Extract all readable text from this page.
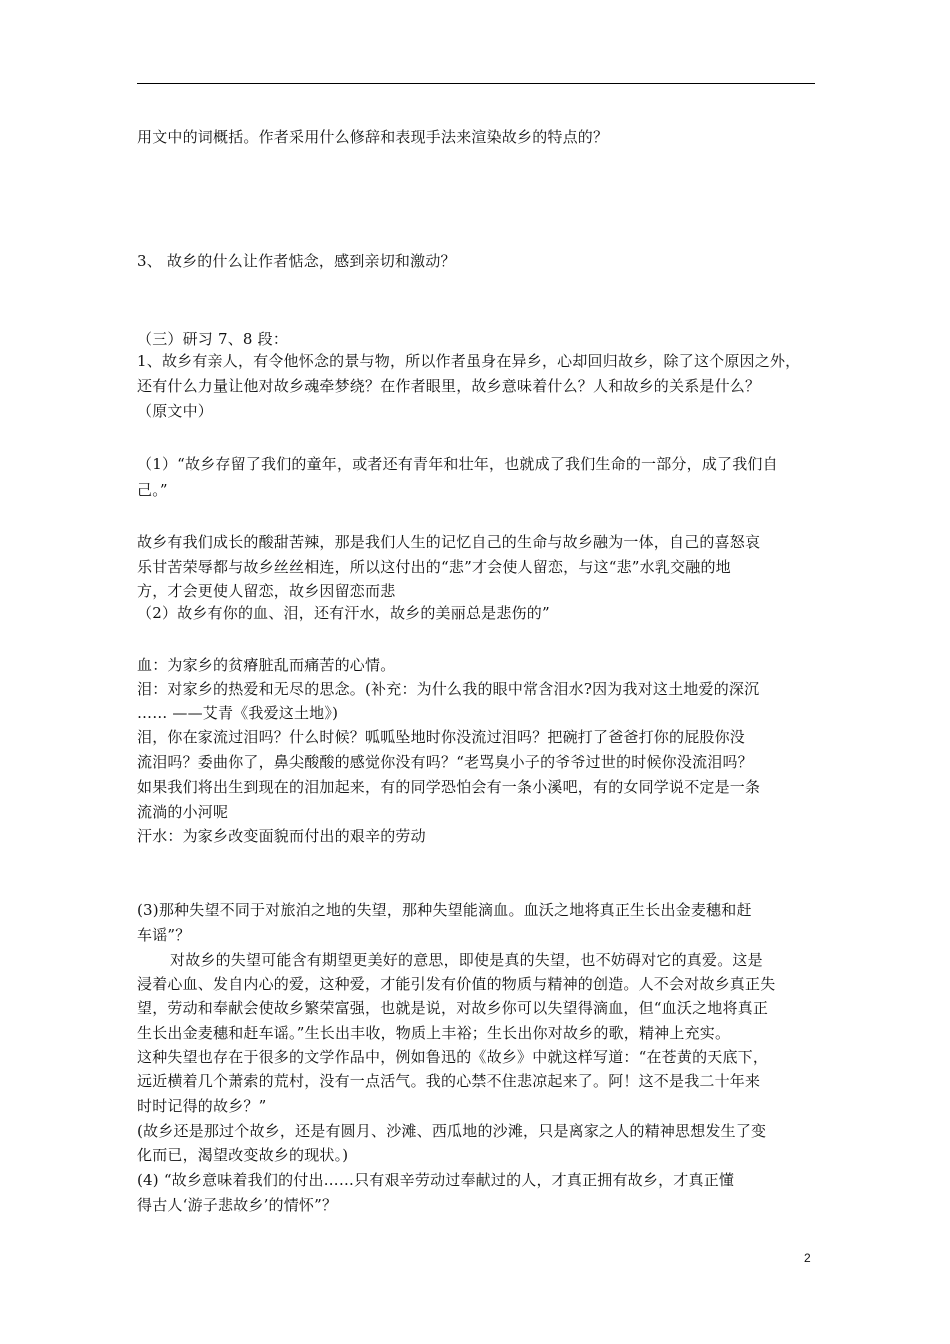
用文中的词概括。作者采用什么修辞和表现手法来渲染故乡的特点的？
3、 故乡的什么让作者惦念，感到亲切和激动？
（三）研习 7、8 段：
1、故乡有亲人，有令他怀念的景与物，所以作者虽身在异乡，心却回归故乡，除了这个原因之外，
还有什么力量让他对故乡魂牵梦绕？在作者眼里，故乡意味着什么？人和故乡的关系是什么？
（原文中）
（1）“故乡存留了我们的童年，或者还有青年和壮年，也就成了我们生命的一部分，成了我们自
己。”
故乡有我们成长的酸甜苦辣，那是我们人生的记忆自己的生命与故乡融为一体，自己的喜怒哀
乐甘苦荣辱都与故乡丝丝相连，所以这付出的“悲”才会使人留恋，与这“悲”水乳交融的地
方，才会更使人留恋，故乡因留恋而悲
（2）故乡有你的血、泪，还有汗水，故乡的美丽总是悲伤的”
血：为家乡的贫瘠脏乱而痛苦的心情。
泪：对家乡的热爱和无尽的思念。(补充：为什么我的眼中常含泪水?因为我对这土地爱的深沉
…… ——艾青《我爱这土地》)
泪，你在家流过泪吗？什么时候？呱呱坠地时你没流过泪吗？把碗打了爸爸打你的屁股你没
流泪吗？委曲你了，鼻尖酸酸的感觉你没有吗？“老骂臭小子的爷爷过世的时候你没流泪吗？
如果我们将出生到现在的泪加起来，有的同学恐怕会有一条小溪吧，有的女同学说不定是一条
流淌的小河呢
汗水：为家乡改变面貌而付出的艰辛的劳动
(3)那种失望不同于对旅泊之地的失望，那种失望能滴血。血沃之地将真正生长出金麦穗和赶
车谣”？
对故乡的失望可能含有期望更美好的意思，即使是真的失望，也不妨碍对它的真爱。这是
浸着心血、发自内心的爱，这种爱，才能引发有价值的物质与精神的创造。人不会对故乡真正失
望，劳动和奉献会使故乡繁荣富强，也就是说，对故乡你可以失望得滴血，但“血沃之地将真正
生长出金麦穗和赶车谣。”生长出丰收，物质上丰裕；生长出你对故乡的歌，精神上充实。
这种失望也存在于很多的文学作品中，例如鲁迅的《故乡》中就这样写道：“在苍黄的天底下，
远近横着几个萧索的荒村，没有一点活气。我的心禁不住悲凉起来了。阿！这不是我二十年来
时时记得的故乡？”
(故乡还是那过个故乡，还是有圆月、沙滩、西瓜地的沙滩，只是离家之人的精神思想发生了变
化而已，渴望改变故乡的现状。)
(4) “故乡意味着我们的付出……只有艰辛劳动过奉献过的人，才真正拥有故乡，才真正懂
得古人‘游子悲故乡’的情怀”？
2
